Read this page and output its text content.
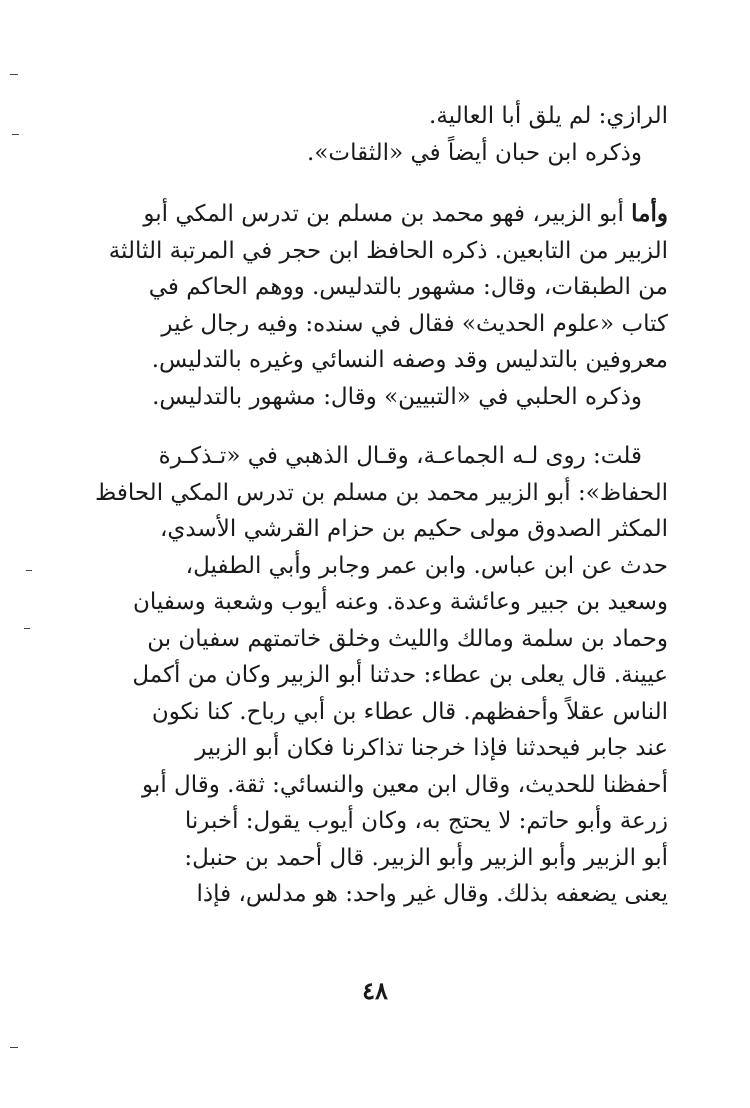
الرازي: لم يلق أبا العالية.
وذكره ابن حبان أيضاً في «الثقات».
وأما أبو الزبير، فهو محمد بن مسلم بن تدرس المكي أبو
الزبير من التابعين. ذكره الحافظ ابن حجر في المرتبة الثالثة
من الطبقات، وقال: مشهور بالتدليس. ووهم الحاكم في
كتاب «علوم الحديث» فقال في سنده: وفيه رجال غير
معروفين بالتدليس وقد وصفه النسائي وغيره بالتدليس.
وذكره الحلبي في «التبيين» وقال: مشهور بالتدليس.
قلت: روى لـه الجماعـة، وقـال الذهبي في «تـذكـرة
الحفاظ»: أبو الزبير محمد بن مسلم بن تدرس المكي الحافظ
المكثر الصدوق مولى حكيم بن حزام القرشي الأسدي،
حدث عن ابن عباس. وابن عمر وجابر وأبي الطفيل،
وسعيد بن جبير وعائشة وعدة. وعنه أيوب وشعبة وسفيان
وحماد بن سلمة ومالك والليث وخلق خاتمتهم سفيان بن
عيينة. قال يعلى بن عطاء: حدثنا أبو الزبير وكان من أكمل
الناس عقلاً وأحفظهم. قال عطاء بن أبي رباح. كنا نكون
عند جابر فيحدثنا فإذا خرجنا تذاكرنا فكان أبو الزبير
أحفظنا للحديث، وقال ابن معين والنسائي: ثقة. وقال أبو
زرعة وأبو حاتم: لا يحتج به، وكان أيوب يقول: أخبرنا
أبو الزبير وأبو الزبير وأبو الزبير. قال أحمد بن حنبل:
يعنى يضعفه بذلك. وقال غير واحد: هو مدلس، فإذا
٤٨
